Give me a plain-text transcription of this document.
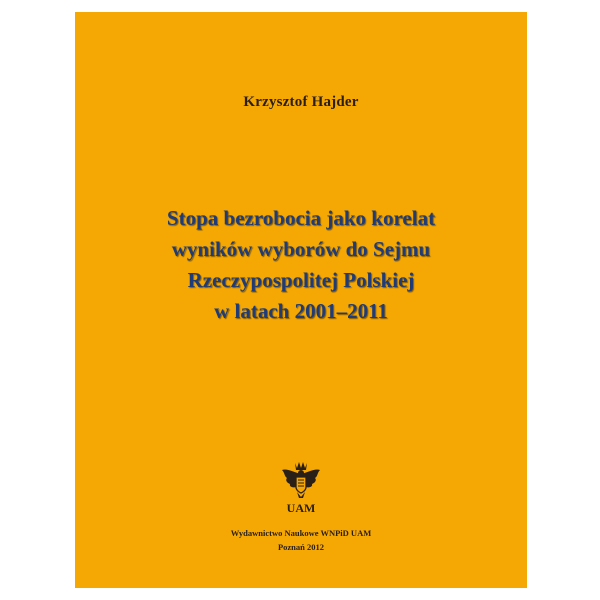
Krzysztof Hajder
Stopa bezrobocia jako korelat
wyników wyborów do Sejmu
Rzeczypospolitej Polskiej
w latach 2001–2011
UAM
Wydawnictwo Naukowe WNPiD UAM
Poznań 2012
